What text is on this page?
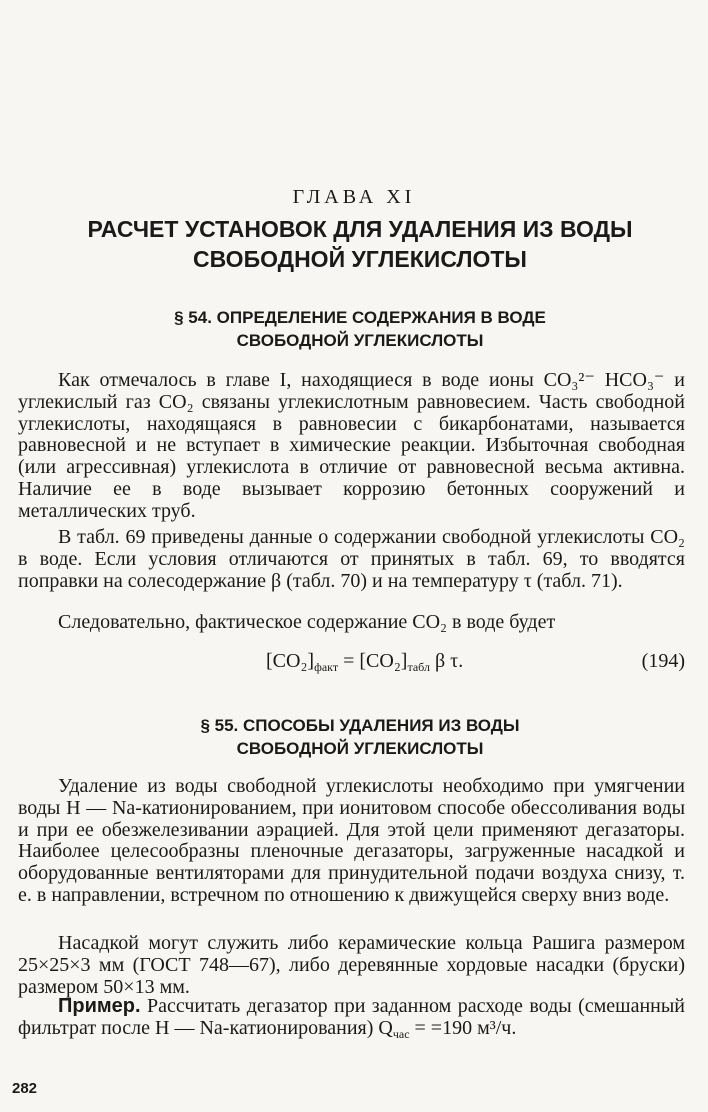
ГЛАВА XI
РАСЧЕТ УСТАНОВОК ДЛЯ УДАЛЕНИЯ ИЗ ВОДЫ
СВОБОДНОЙ УГЛЕКИСЛОТЫ
§ 54. ОПРЕДЕЛЕНИЕ СОДЕРЖАНИЯ В ВОДЕ
СВОБОДНОЙ УГЛЕКИСЛОТЫ

Как отмечалось в главе I, находящиеся в воде ионы CO₃²⁻ HCO₃⁻ и углекислый газ CO₂ связаны углекислотным равновесием. Часть свободной углекислоты, находящаяся в равновесии с бикарбонатами, называется равновесной и не вступает в химические реакции. Избыточная свободная (или агрессивная) углекислота в отличие от равновесной весьма активна. Наличие ее в воде вызывает коррозию бетонных сооружений и металлических труб.

В табл. 69 приведены данные о содержании свободной углекислоты CO₂ в воде. Если условия отличаются от принятых в табл. 69, то вводятся поправки на солесодержание β (табл. 70) и на температуру τ (табл. 71).

Следовательно, фактическое содержание CO₂ в воде будет

$[CO_2]_{факт} = [CO_2]_{табл}$ β τ.	(194)
§ 55. СПОСОБЫ УДАЛЕНИЯ ИЗ ВОДЫ
СВОБОДНОЙ УГЛЕКИСЛОТЫ

Удаление из воды свободной углекислоты необходимо при умягчении воды H — Na-катионированием, при ионитовом способе обессоливания воды и при ее обезжелезивании аэрацией. Для этой цели применяют дегазаторы. Наиболее целесообразны пленочные дегазаторы, загруженные насадкой и оборудованные вентиляторами для принудительной подачи воздуха снизу, т. е. в направлении, встречном по отношению к движущейся сверху вниз воде.

Насадкой могут служить либо керамические кольца Рашига размером 25×25×3 мм (ГОСТ 748—67), либо деревянные хордовые насадки (бруски) размером 50×13 мм.

Пример. Рассчитать дегазатор при заданном расходе воды (смешанный фильтрат после H — Na-катионирования) $Q_{час} = =190$ м³/ч.

282
